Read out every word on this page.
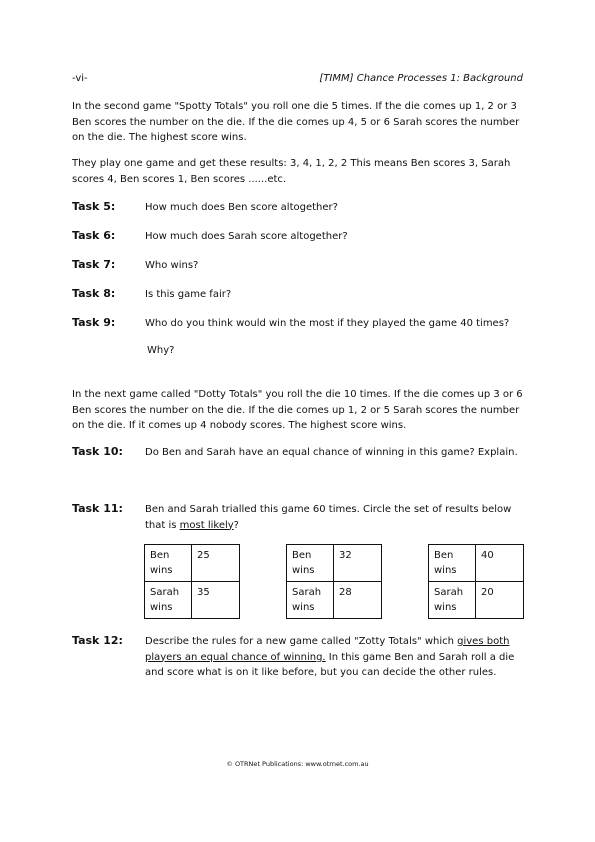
-vi-	[TIMM] Chance Processes 1: Background
In the second game "Spotty Totals" you roll one die 5 times. If the die comes up 1, 2 or 3 Ben scores the number on the die. If the die comes up 4, 5 or 6 Sarah scores the number on the die. The highest score wins.
They play one game and get these results: 3, 4, 1, 2, 2 This means Ben scores 3, Sarah scores 4, Ben scores 1, Ben scores ......etc.
Task 5:	How much does Ben score altogether?
Task 6:	How much does Sarah score altogether?
Task 7:	Who wins?
Task 8:	Is this game fair?
Task 9:	Who do you think would win the most if they played the game 40 times?
Why?
In the next game called "Dotty Totals" you roll the die 10 times. If the die comes up 3 or 6 Ben scores the number on the die. If the die comes up 1, 2 or 5 Sarah scores the number on the die. If it comes up 4 nobody scores. The highest score wins.
Task 10: Do Ben and Sarah have an equal chance of winning in this game? Explain.
Task 11: Ben and Sarah trialled this game 60 times. Circle the set of results below that is most likely?
Ben wins	25
Sarah wins	35
Ben wins	32
Sarah wins	28
Ben wins	40
Sarah wins	20
Task 12: Describe the rules for a new game called "Zotty Totals" which gives both players an equal chance of winning. In this game Ben and Sarah roll a die and score what is on it like before, but you can decide the other rules.
© OTRNet Publications: www.otrnet.com.au
